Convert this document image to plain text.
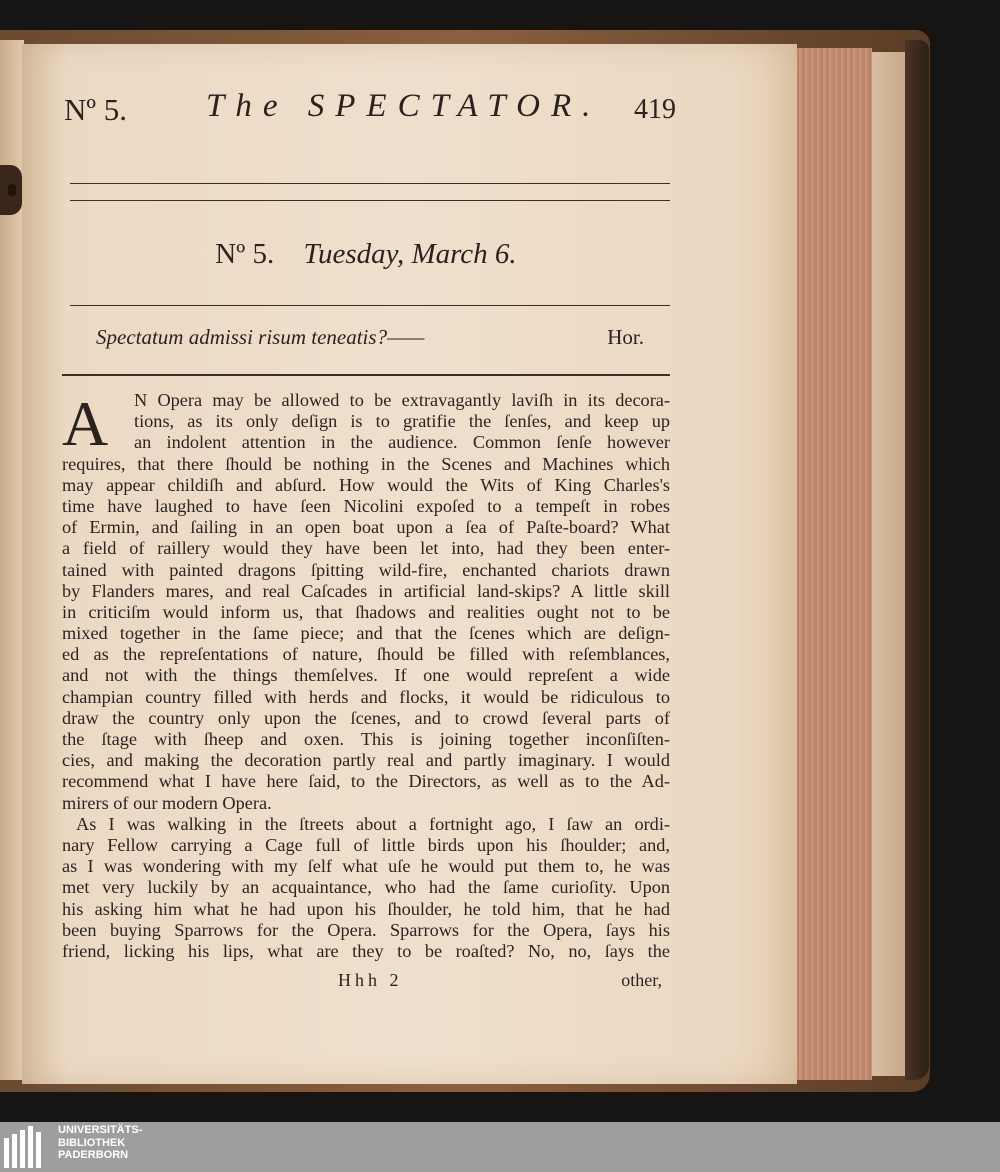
Nº 5. The SPECTATOR. 419
Nº 5. Tuesday, March 6.
Spectatum admissi risum teneatis?——	Hor.
A	N Opera may be allowed to be extravagantly laviſh in its decora-
tions, as its only deſign is to gratifie the ſenſes, and keep up
an indolent attention in the audience. Common ſenſe however
requires, that there ſhould be nothing in the Scenes and Machines which
may appear childiſh and abſurd. How would the Wits of King Charles's
time have laughed to have ſeen Nicolini expoſed to a tempeſt in robes
of Ermin, and ſailing in an open boat upon a ſea of Paſte-board? What
a field of raillery would they have been let into, had they been enter-
tained with painted dragons ſpitting wild-fire, enchanted chariots drawn
by Flanders mares, and real Caſcades in artificial land-skips? A little skill
in criticiſm would inform us, that ſhadows and realities ought not to be
mixed together in the ſame piece; and that the ſcenes which are deſign-
ed as the repreſentations of nature, ſhould be filled with reſemblances,
and not with the things themſelves. If one would repreſent a wide
champian country filled with herds and flocks, it would be ridiculous to
draw the country only upon the ſcenes, and to crowd ſeveral parts of
the ſtage with ſheep and oxen. This is joining together inconſiſten-
cies, and making the decoration partly real and partly imaginary. I would
recommend what I have here ſaid, to the Directors, as well as to the Ad-
mirers of our modern Opera.
As I was walking in the ſtreets about a fortnight ago, I ſaw an ordi-
nary Fellow carrying a Cage full of little birds upon his ſhoulder; and,
as I was wondering with my ſelf what uſe he would put them to, he was
met very luckily by an acquaintance, who had the ſame curioſity. Upon
his asking him what he had upon his ſhoulder, he told him, that he had
been buying Sparrows for the Opera. Sparrows for the Opera, ſays his
friend, licking his lips, what are they to be roaſted? No, no, ſays the
Hhh 2	other,
UNIVERSITÄTS-
BIBLIOTHEK
PADERBORN
